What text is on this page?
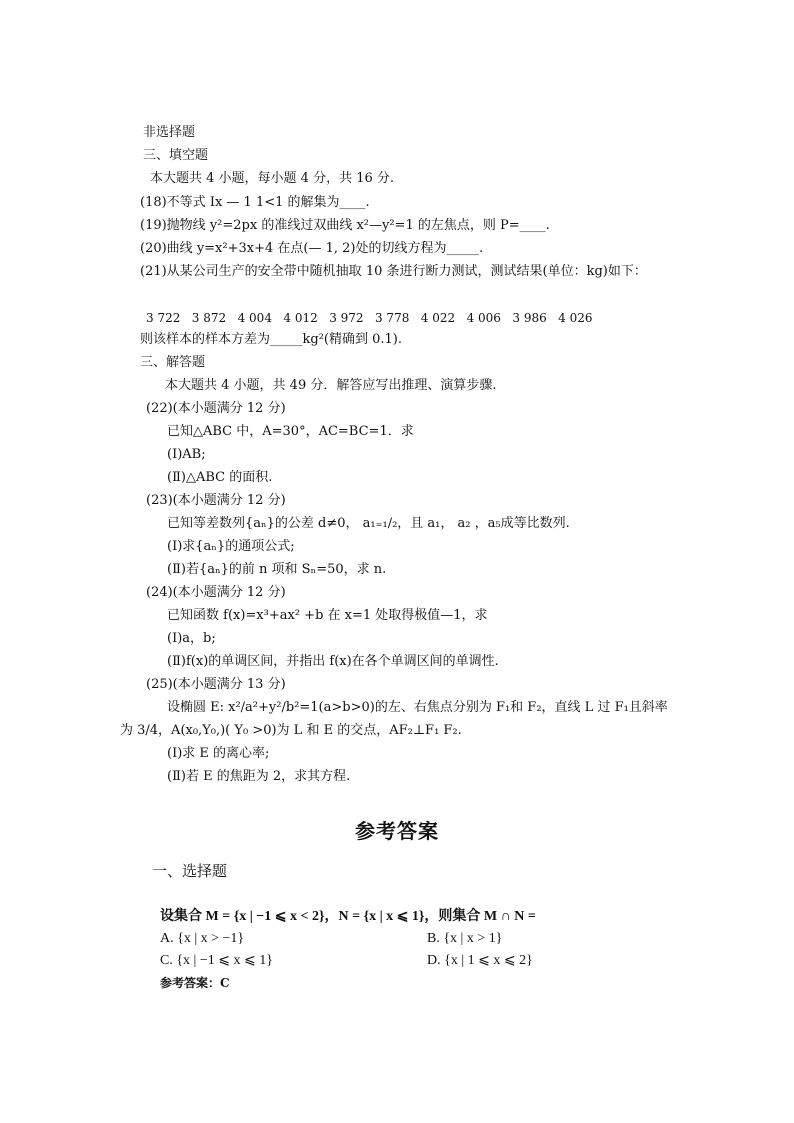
非选择题
三、填空题
本大题共 4 小题，每小题 4 分，共 16 分.
(18)不等式 Ix — 1 1<1 的解集为____.
(19)抛物线 y²=2px 的准线过双曲线 x²—y²=1 的左焦点，则 P=____.
(20)曲线 y=x²+3x+4 在点(— 1, 2)处的切线方程为_____.
(21)从某公司生产的安全带中随机抽取 10 条进行断力测试，测试结果(单位：kg)如下：
3 722   3 872   4 004   4 012   3 972   3 778   4 022   4 006   3 986   4 026
则该样本的样本方差为_____kg²(精确到 0.1).
三、解答题
本大题共 4 小题，共 49 分．解答应写出推理、演算步骤.
(22)(本小题满分 12 分)
已知△ABC 中，A=30°，AC=BC=1．求
(Ⅰ)AB;
(Ⅱ)△ABC 的面积.
(23)(本小题满分 12 分)
已知等差数列{aₙ}的公差 d≠0， a₁₌₁/₂，且 a₁， a₂ ，a₅成等比数列.
(Ⅰ)求{aₙ}的通项公式;
(Ⅱ)若{aₙ}的前 n 项和 Sₙ=50，求 n.
(24)(本小题满分 12 分)
已知函数 f(x)=x³+ax² +b 在 x=1 处取得极值—1，求
(Ⅰ)a，b;
(Ⅱ)f(x)的单调区间，并指出 f(x)在各个单调区间的单调性.
(25)(本小题满分 13 分)
设椭圆 E: x²/a²+y²/b²=1(a>b>0)的左、右焦点分别为 F₁和 F₂，直线 L 过 F₁且斜率
为 3/4，A(x₀,Y₀,)( Y₀ >0)为 L 和 E 的交点，AF₂⊥F₁ F₂.
(Ⅰ)求 E 的离心率;
(Ⅱ)若 E 的焦距为 2，求其方程.
参考答案
一、选择题
设集合 M = {x | −1 ⩽ x < 2}，N = {x | x ⩽ 1}，则集合 M ∩ N =
A. {x | x > −1}	B. {x | x > 1}
C. {x | −1 ⩽ x ⩽ 1}	D. {x | 1 ⩽ x ⩽ 2}
参考答案：C
